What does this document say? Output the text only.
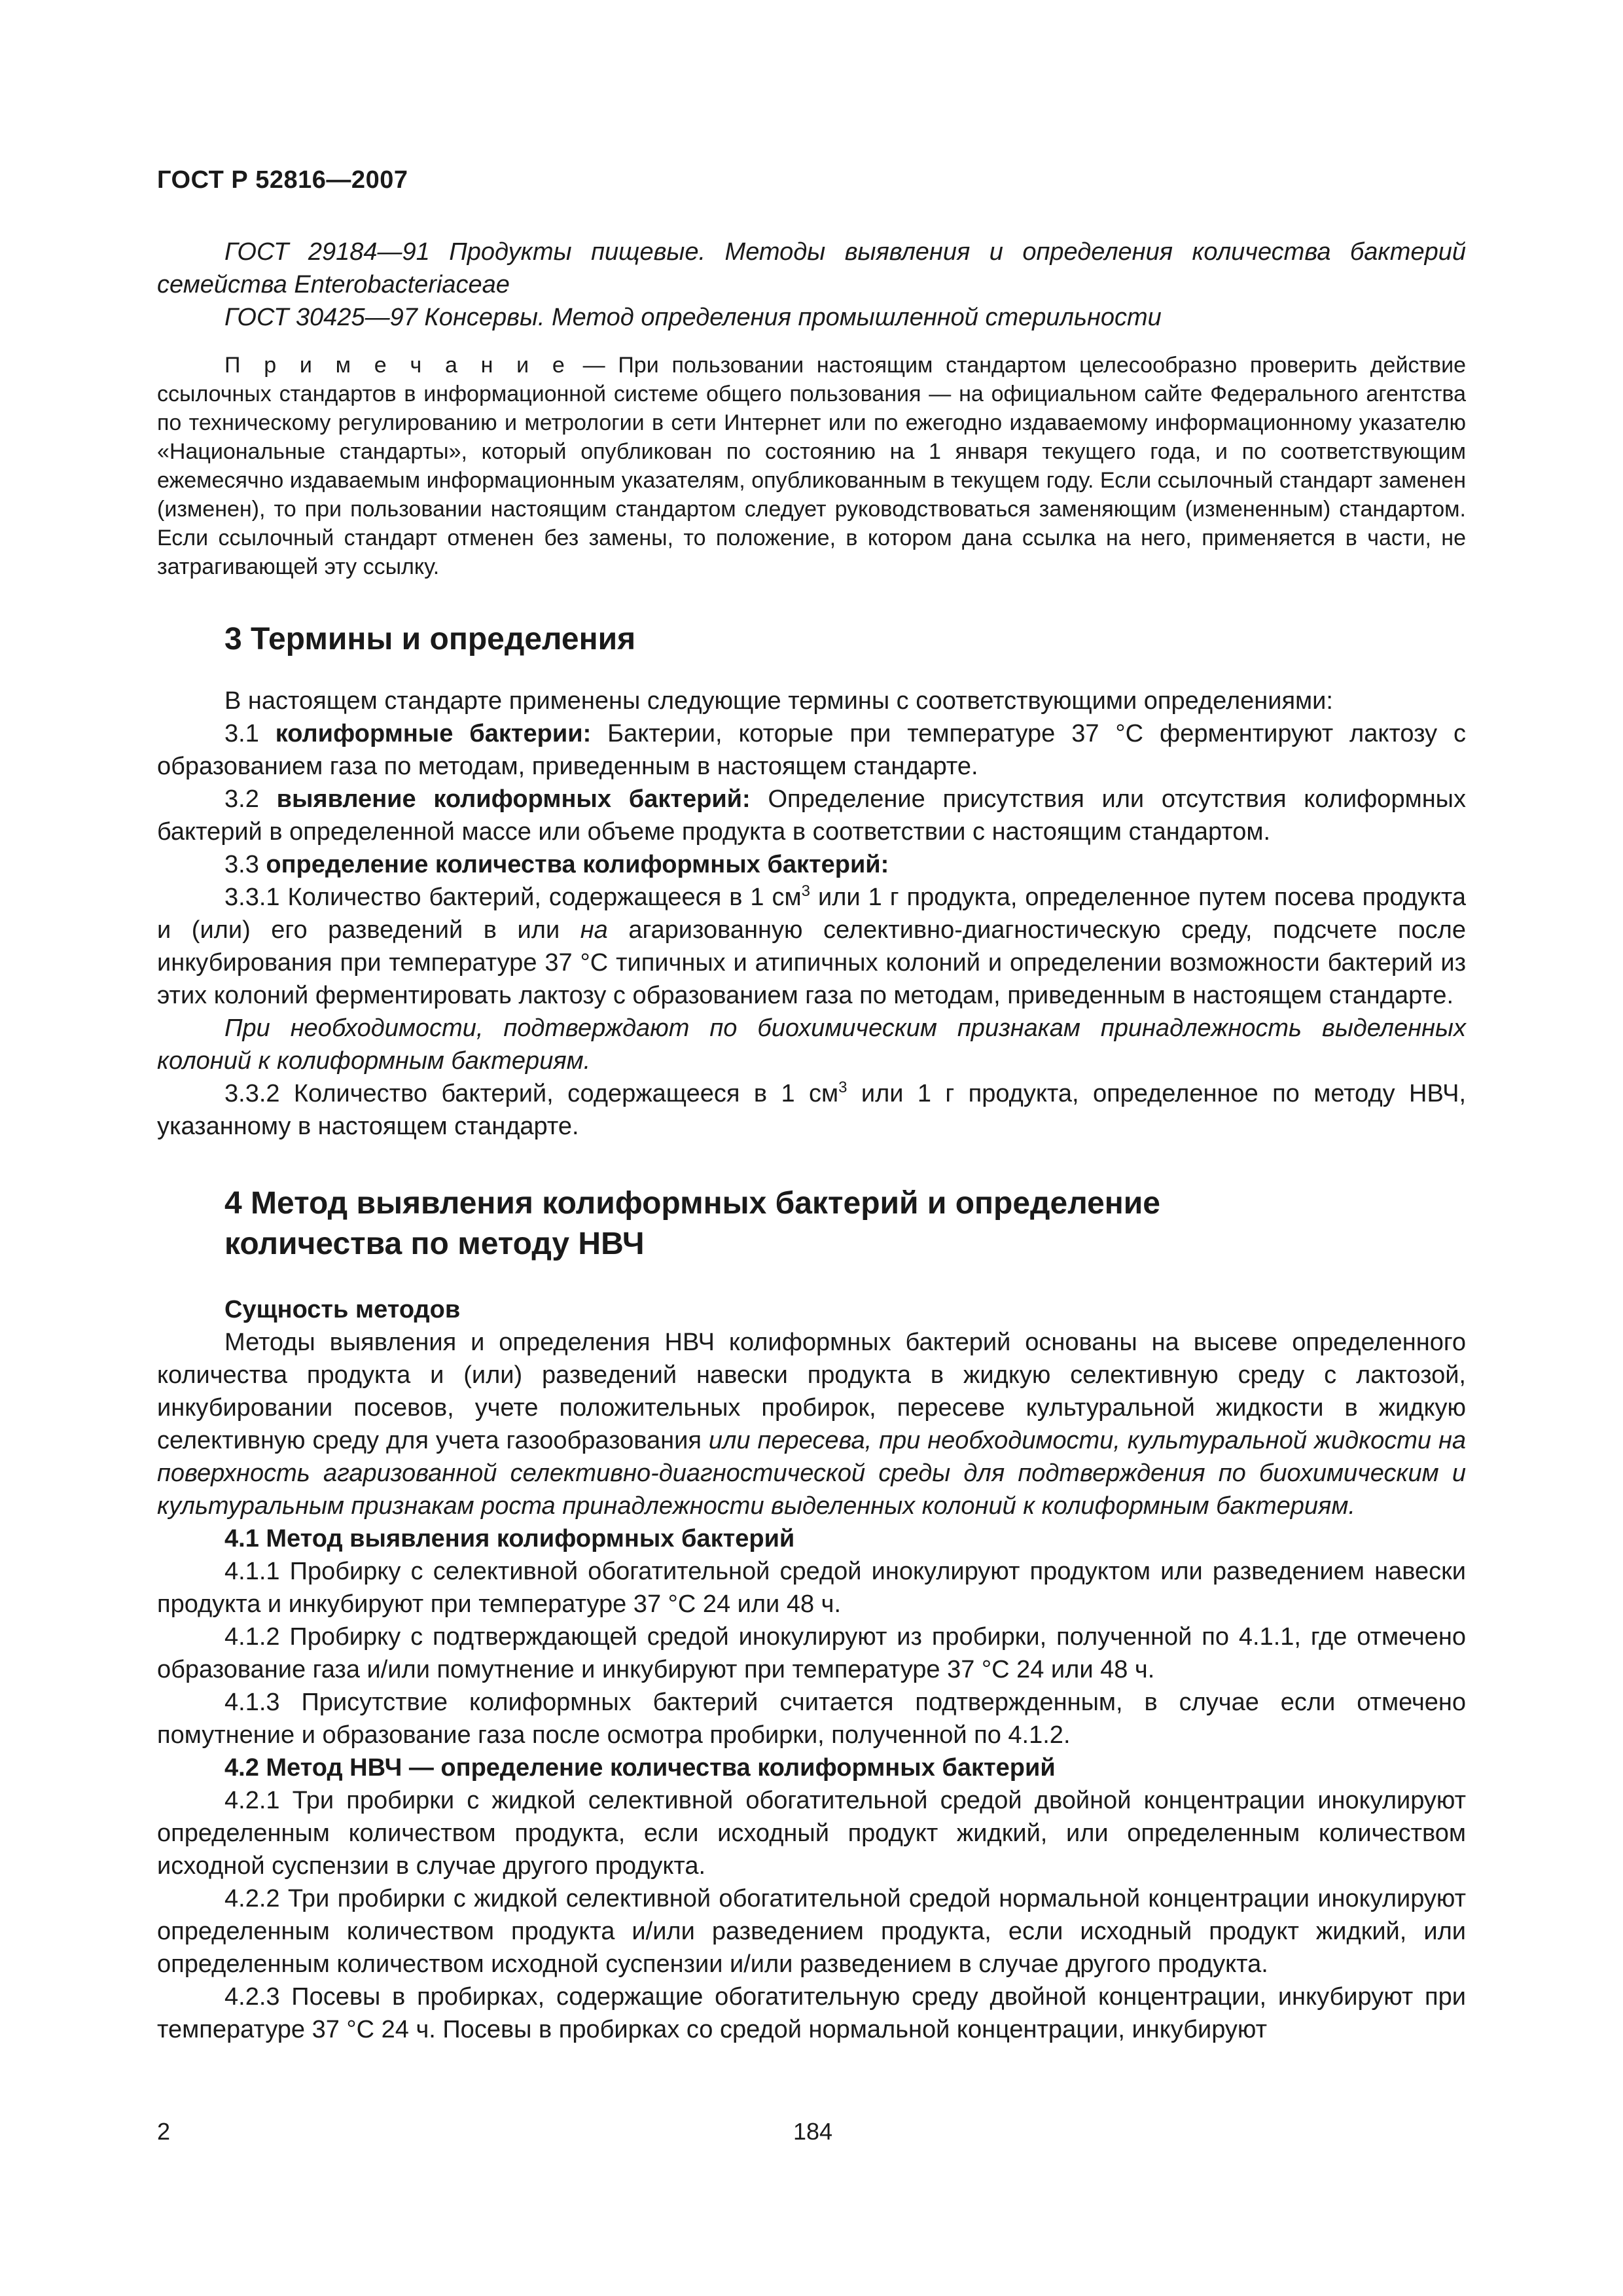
ГОСТ Р 52816—2007

ГОСТ 29184—91 Продукты пищевые. Методы выявления и определения количества бактерий семейства Enterobacteriaceae

ГОСТ 30425—97 Консервы. Метод определения промышленной стерильности

П р и м е ч а н и е — При пользовании настоящим стандартом целесообразно проверить действие ссылочных стандартов в информационной системе общего пользования — на официальном сайте Федерального агентства по техническому регулированию и метрологии в сети Интернет или по ежегодно издаваемому информационному указателю «Национальные стандарты», который опубликован по состоянию на 1 января текущего года, и по соответствующим ежемесячно издаваемым информационным указателям, опубликованным в текущем году. Если ссылочный стандарт заменен (изменен), то при пользовании настоящим стандартом следует руководствоваться заменяющим (измененным) стандартом. Если ссылочный стандарт отменен без замены, то положение, в котором дана ссылка на него, применяется в части, не затрагивающей эту ссылку.

3 Термины и определения

В настоящем стандарте применены следующие термины с соответствующими определениями:

3.1 колиформные бактерии: Бактерии, которые при температуре 37 °С ферментируют лактозу с образованием газа по методам, приведенным в настоящем стандарте.

3.2 выявление колиформных бактерий: Определение присутствия или отсутствия колиформных бактерий в определенной массе или объеме продукта в соответствии с настоящим стандартом.

3.3 определение количества колиформных бактерий:

3.3.1 Количество бактерий, содержащееся в 1 $см^3$ или 1 г продукта, определенное путем посева продукта и (или) его разведений в или на агаризованную селективно-диагностическую среду, подсчете после инкубирования при температуре 37 °С типичных и атипичных колоний и определении возможности бактерий из этих колоний ферментировать лактозу с образованием газа по методам, приведенным в настоящем стандарте.

При необходимости, подтверждают по биохимическим признакам принадлежность выделенных колоний к колиформным бактериям.

3.3.2 Количество бактерий, содержащееся в 1 $см^3$ или 1 г продукта, определенное по методу НВЧ, указанному в настоящем стандарте.

4 Метод выявления колиформных бактерий и определение количества по методу НВЧ
Сущность методов

Методы выявления и определения НВЧ колиформных бактерий основаны на высеве определенного количества продукта и (или) разведений навески продукта в жидкую селективную среду с лактозой, инкубировании посевов, учете положительных пробирок, пересеве культуральной жидкости в жидкую селективную среду для учета газообразования или пересева, при необходимости, культуральной жидкости на поверхность агаризованной селективно-диагностической среды для подтверждения по биохимическим и культуральным признакам роста принадлежности выделенных колоний к колиформным бактериям.

4.1 Метод выявления колиформных бактерий

4.1.1 Пробирку с селективной обогатительной средой инокулируют продуктом или разведением навески продукта и инкубируют при температуре 37 °С 24 или 48 ч.

4.1.2 Пробирку с подтверждающей средой инокулируют из пробирки, полученной по 4.1.1, где отмечено образование газа и/или помутнение и инкубируют при температуре 37 °С 24 или 48 ч.

4.1.3 Присутствие колиформных бактерий считается подтвержденным, в случае если отмечено помутнение и образование газа после осмотра пробирки, полученной по 4.1.2.

4.2 Метод НВЧ — определение количества колиформных бактерий

4.2.1 Три пробирки с жидкой селективной обогатительной средой двойной концентрации инокулируют определенным количеством продукта, если исходный продукт жидкий, или определенным количеством исходной суспензии в случае другого продукта.

4.2.2 Три пробирки с жидкой селективной обогатительной средой нормальной концентрации инокулируют определенным количеством продукта и/или разведением продукта, если исходный продукт жидкий, или определенным количеством исходной суспензии и/или разведением в случае другого продукта.

4.2.3 Посевы в пробирках, содержащие обогатительную среду двойной концентрации, инкубируют при температуре 37 °С 24 ч. Посевы в пробирках со средой нормальной концентрации, инкубируют

2	184
